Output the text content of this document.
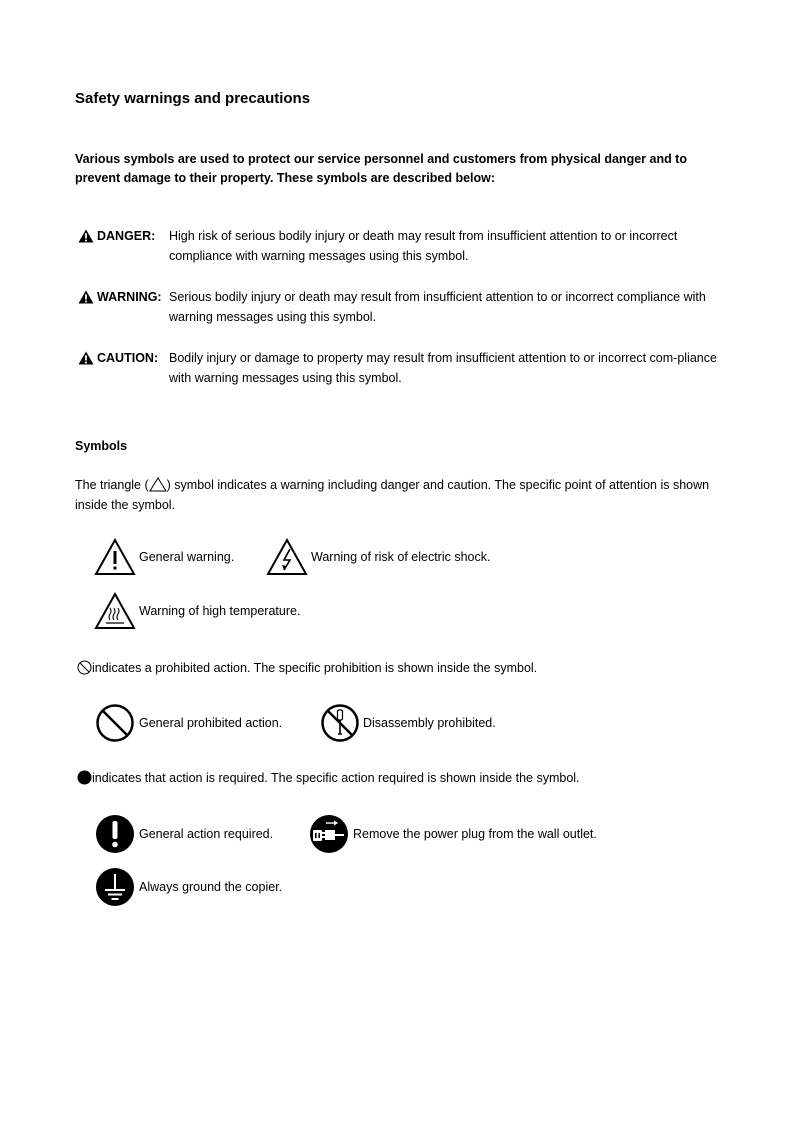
Safety warnings and precautions
Various symbols are used to protect our service personnel and customers from physical danger and to prevent damage to their property. These symbols are described below:
DANGER: High risk of serious bodily injury or death may result from insufficient attention to or incorrect compliance with warning messages using this symbol.
WARNING: Serious bodily injury or death may result from insufficient attention to or incorrect compliance with warning messages using this symbol.
CAUTION: Bodily injury or damage to property may result from insufficient attention to or incorrect com-pliance with warning messages using this symbol.
Symbols
The triangle ( ) symbol indicates a warning including danger and caution. The specific point of attention is shown inside the symbol.
General warning.	Warning of risk of electric shock.
Warning of high temperature.
indicates a prohibited action. The specific prohibition is shown inside the symbol.
General prohibited action.	Disassembly prohibited.
indicates that action is required. The specific action required is shown inside the symbol.
General action required.	Remove the power plug from the wall outlet.
Always ground the copier.
